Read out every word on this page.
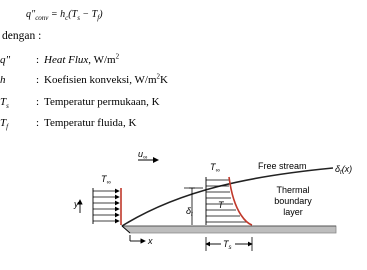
$q"_{conv} = h_c(T_s - T_f)$
dengan :
q"	: Heat Flux, $W/m^2$
h	: Koefisien konveksi, $W/m^2K$
$T_s$	: Temperatur permukaan, K
$T_f$	: Temperatur fluida, K
$u_\infty$
$T_\infty$
y
x
$T_\infty$
T
$\delta_t$
Free stream	$\delta_t(x)$
Thermal
boundary
layer
$T_s$
